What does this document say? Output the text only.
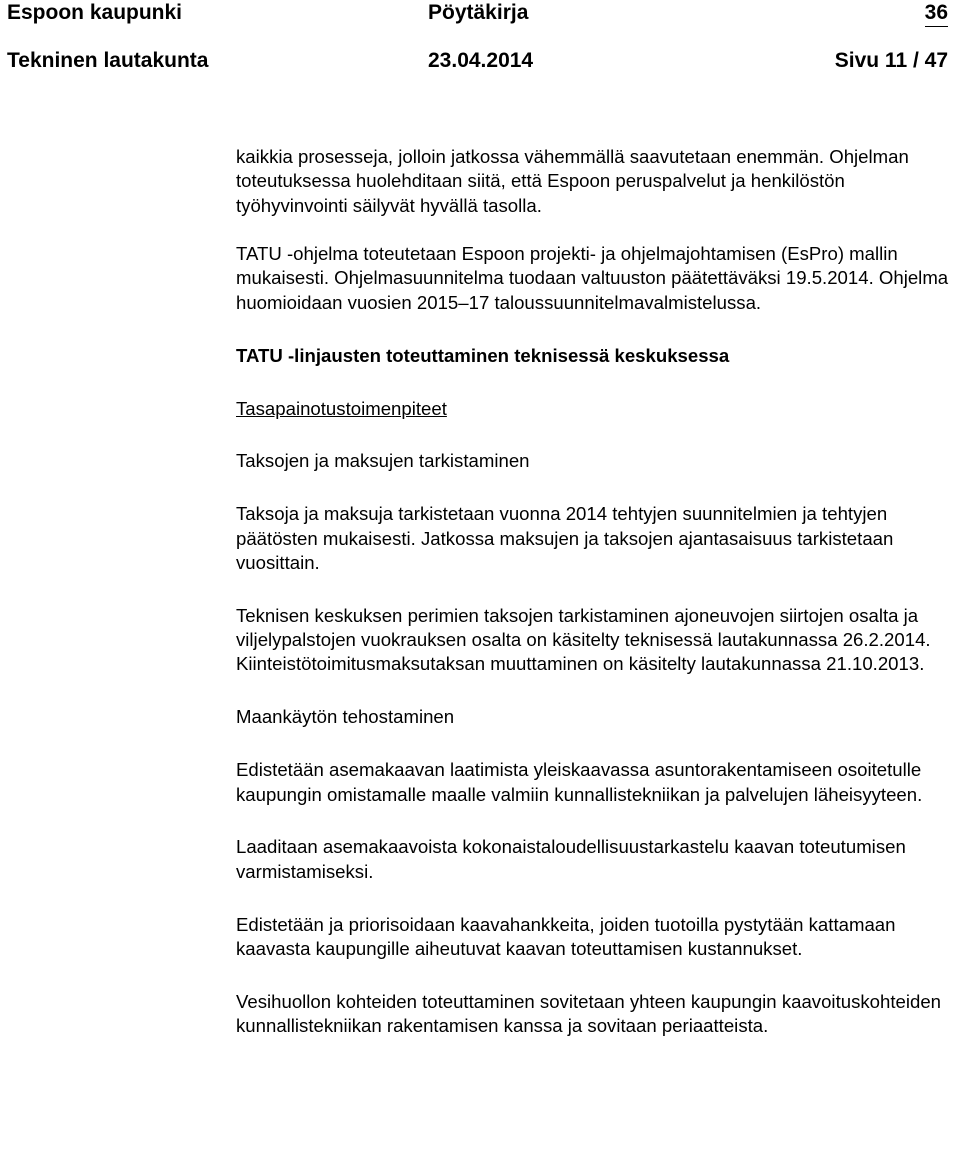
Espoon kaupunki	Pöytäkirja	36
Tekninen lautakunta	23.04.2014	Sivu 11 / 47

kaikkia prosesseja, jolloin jatkossa vähemmällä saavutetaan enemmän. Ohjelman toteutuksessa huolehditaan siitä, että Espoon peruspalvelut ja henkilöstön työhyvinvointi säilyvät hyvällä tasolla.

TATU -ohjelma toteutetaan Espoon projekti- ja ohjelmajohtamisen (EsPro) mallin mukaisesti. Ohjelmasuunnitelma tuodaan valtuuston päätettäväksi 19.5.2014. Ohjelma huomioidaan vuosien 2015‒17 taloussuunnitelmavalmistelussa.

TATU -linjausten toteuttaminen teknisessä keskuksessa

Tasapainotustoimenpiteet

Taksojen ja maksujen tarkistaminen

Taksoja ja maksuja tarkistetaan vuonna 2014 tehtyjen suunnitelmien ja tehtyjen päätösten mukaisesti. Jatkossa maksujen ja taksojen ajantasaisuus tarkistetaan vuosittain.

Teknisen keskuksen perimien taksojen tarkistaminen ajoneuvojen siirtojen osalta ja viljelypalstojen vuokrauksen osalta on käsitelty teknisessä lautakunnassa 26.2.2014. Kiinteistötoimitusmaksutaksan muuttaminen on käsitelty lautakunnassa 21.10.2013.

Maankäytön tehostaminen

Edistetään asemakaavan laatimista yleiskaavassa asuntorakentamiseen osoitetulle kaupungin omistamalle maalle valmiin kunnallistekniikan ja palvelujen läheisyyteen.

Laaditaan asemakaavoista kokonaistaloudellisuustarkastelu kaavan toteutumisen varmistamiseksi.

Edistetään ja priorisoidaan kaavahankkeita, joiden tuotoilla pystytään kattamaan kaavasta kaupungille aiheutuvat kaavan toteuttamisen kustannukset.

Vesihuollon kohteiden toteuttaminen sovitetaan yhteen kaupungin kaavoituskohteiden kunnallistekniikan rakentamisen kanssa ja sovitaan periaatteista.
